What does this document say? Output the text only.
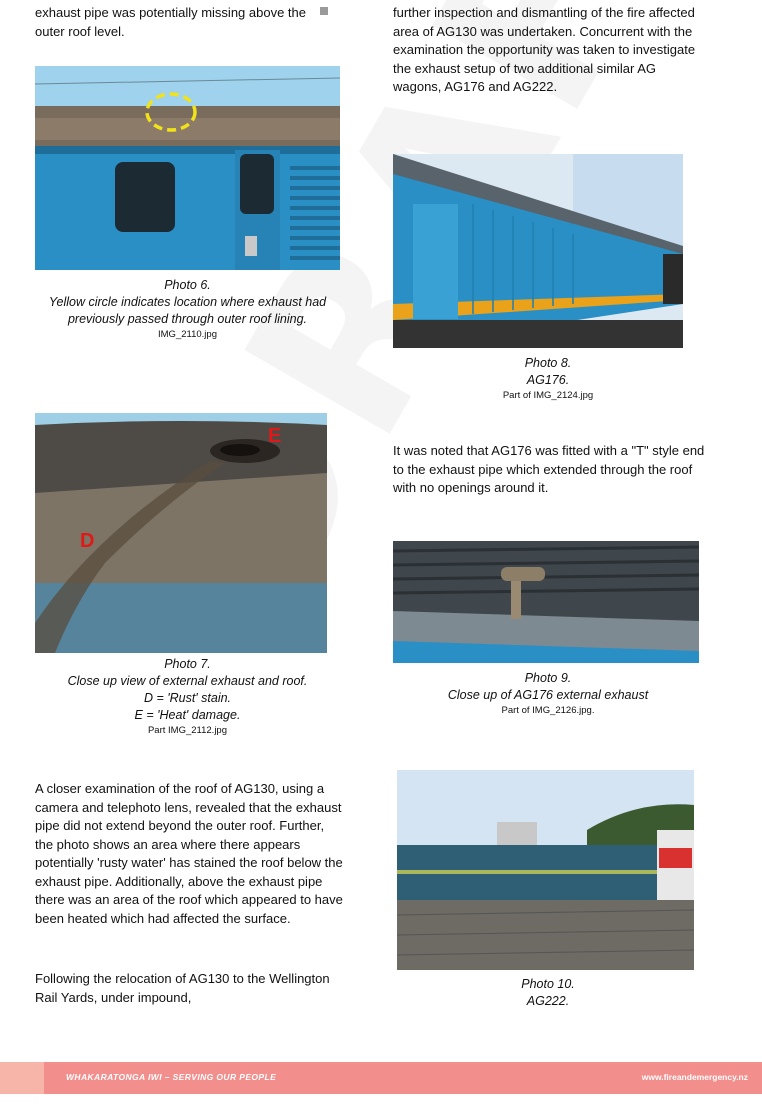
exhaust pipe was potentially missing above the outer roof level.

Photo 6.
Yellow circle indicates location where exhaust had previously passed through outer roof lining.
IMG_2110.jpg
E
D
Photo 7.
Close up view of external exhaust and roof.
D = 'Rust' stain.
E = 'Heat' damage.
Part IMG_2112.jpg

A closer examination of the roof of AG130, using a camera and telephoto lens, revealed that the exhaust pipe did not extend beyond the outer roof. Further, the photo shows an area where there appears potentially 'rusty water' has stained the roof below the exhaust pipe. Additionally, above the exhaust pipe there was an area of the roof which appeared to have been heated which had affected the surface.

Following the relocation of AG130 to the Wellington Rail Yards, under impound,

further inspection and dismantling of the fire affected area of AG130 was undertaken. Concurrent with the examination the opportunity was taken to investigate the exhaust setup of two additional similar AG wagons, AG176 and AG222.

Photo 8.
AG176.
Part of IMG_2124.jpg

It was noted that AG176 was fitted with a "T" style end to the exhaust pipe which extended through the roof with no openings around it.

Photo 9.
Close up of AG176 external exhaust
Part of IMG_2126.jpg.
Photo 10.
AG222.
WHAKARATONGA IWI – SERVING OUR PEOPLE	www.fireandemergency.nz
